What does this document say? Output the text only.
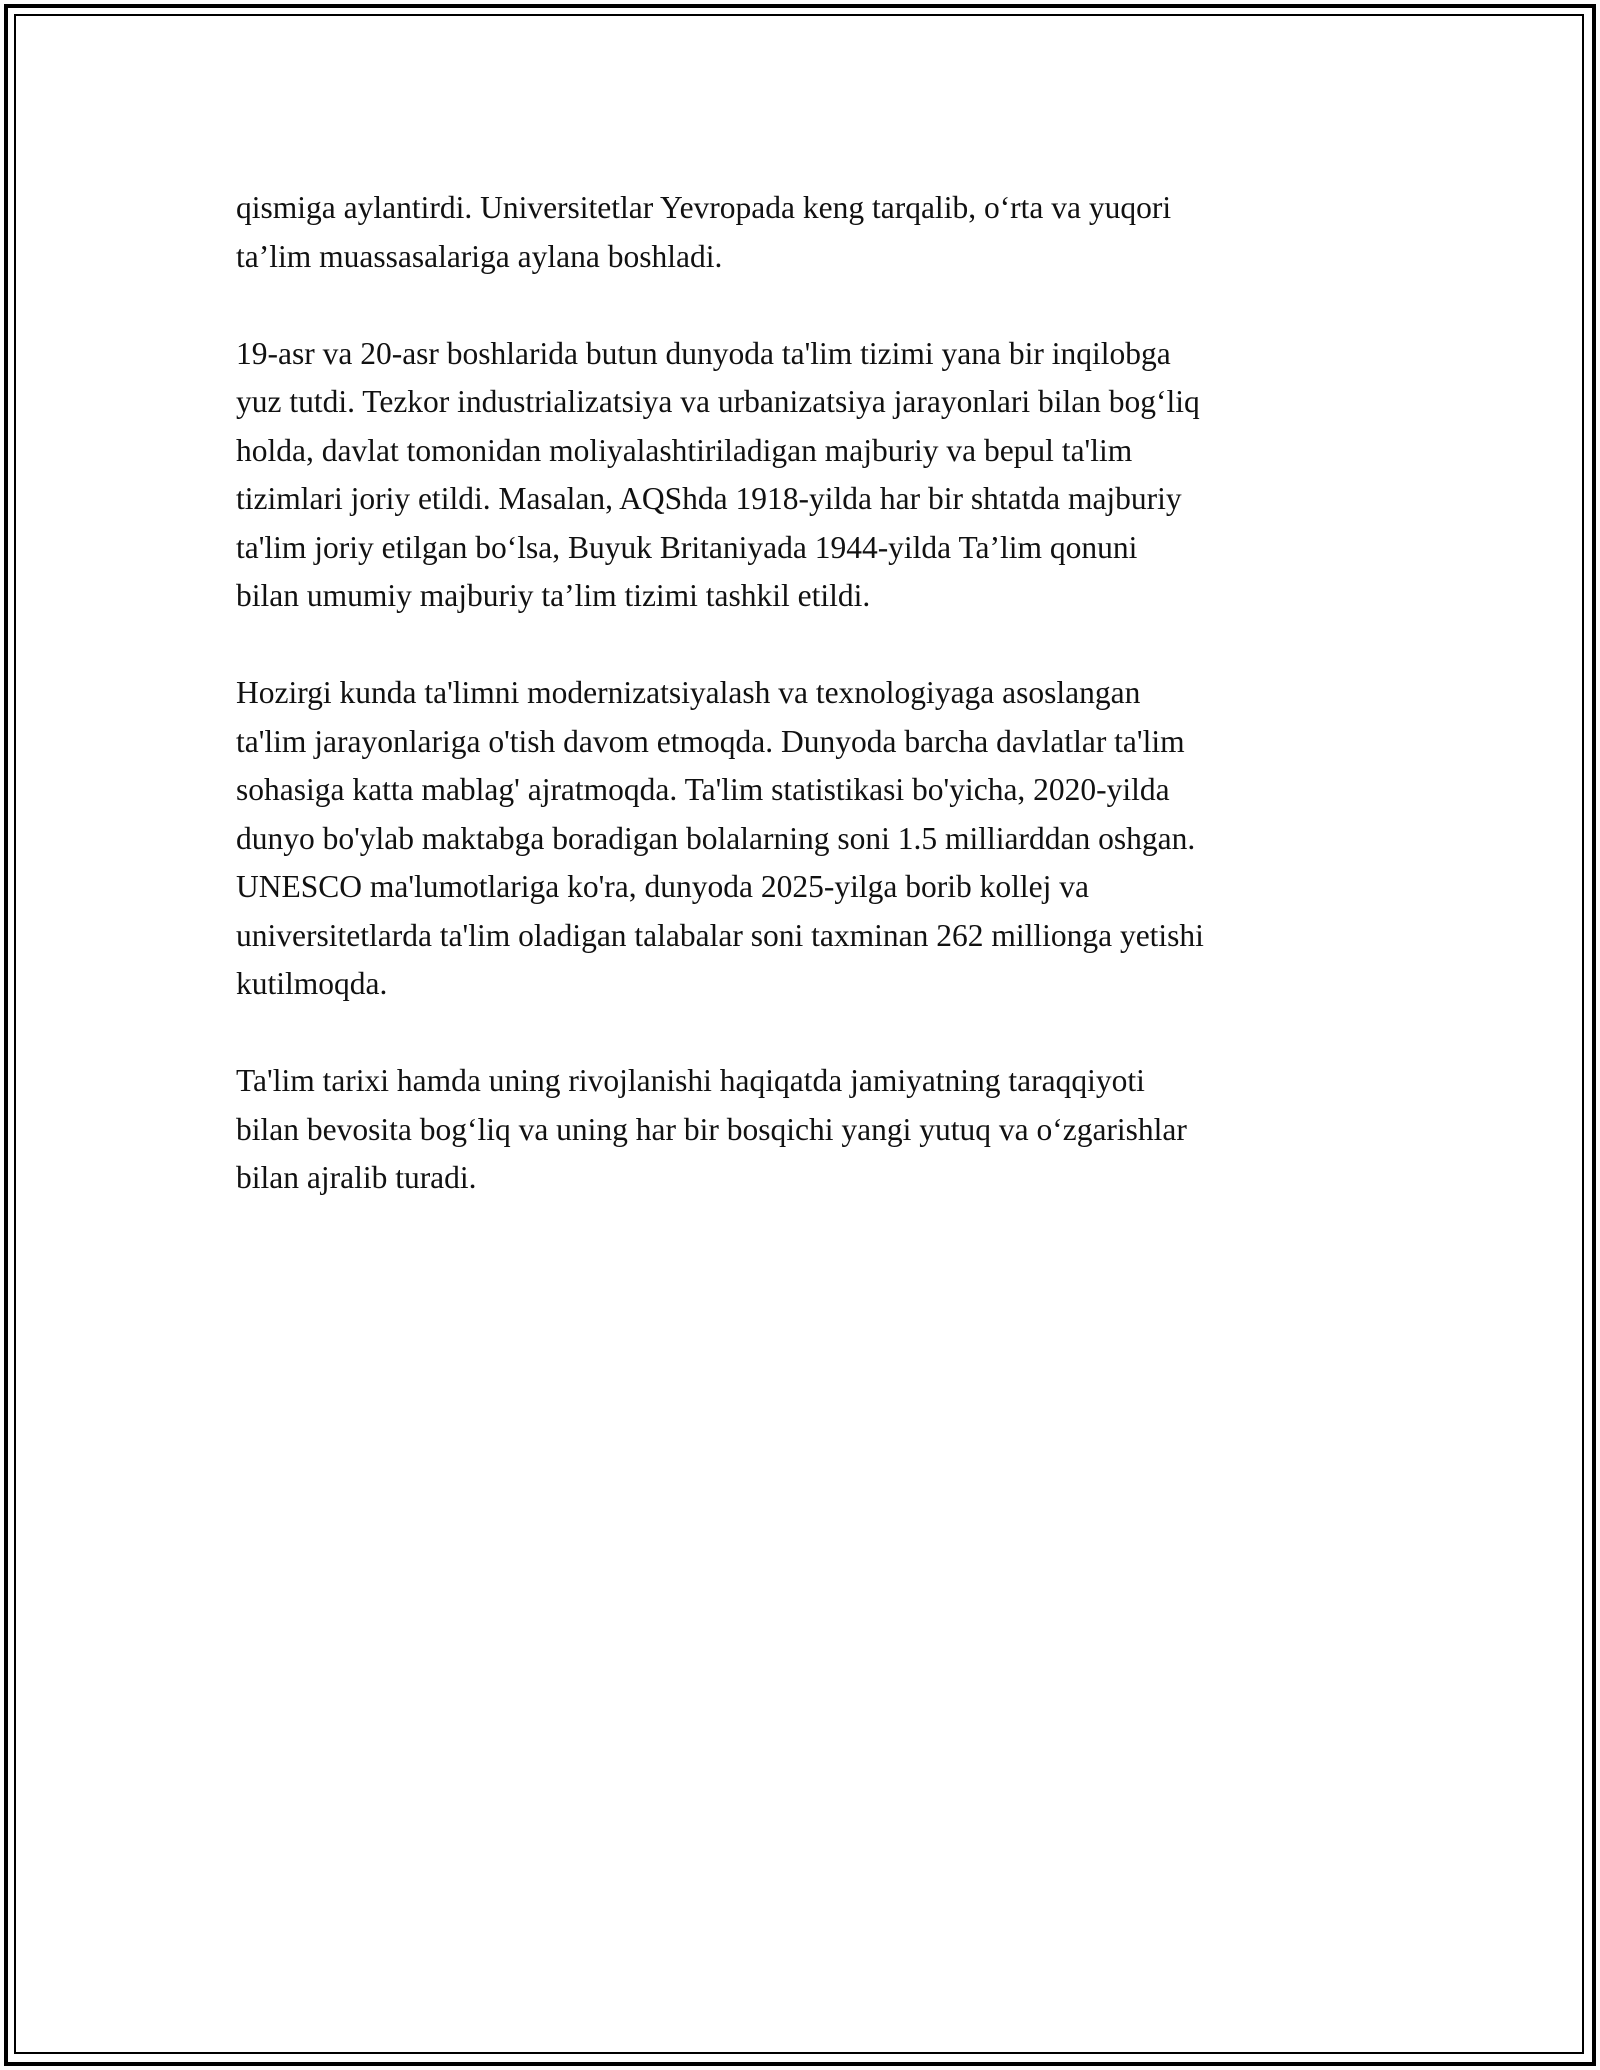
qismiga aylantirdi. Universitetlar Yevropada keng tarqalib, o‘rta va yuqori
ta’lim muassasalariga aylana boshladi.

19-asr va 20-asr boshlarida butun dunyoda ta'lim tizimi yana bir inqilobga
yuz tutdi. Tezkor industrializatsiya va urbanizatsiya jarayonlari bilan bog‘liq
holda, davlat tomonidan moliyalashtiriladigan majburiy va bepul ta'lim
tizimlari joriy etildi. Masalan, AQShda 1918-yilda har bir shtatda majburiy
ta'lim joriy etilgan bo‘lsa, Buyuk Britaniyada 1944-yilda Ta’lim qonuni
bilan umumiy majburiy ta’lim tizimi tashkil etildi.

Hozirgi kunda ta'limni modernizatsiyalash va texnologiyaga asoslangan
ta'lim jarayonlariga o'tish davom etmoqda. Dunyoda barcha davlatlar ta'lim
sohasiga katta mablag' ajratmoqda. Ta'lim statistikasi bo'yicha, 2020-yilda
dunyo bo'ylab maktabga boradigan bolalarning soni 1.5 milliarddan oshgan.
UNESCO ma'lumotlariga ko'ra, dunyoda 2025-yilga borib kollej va
universitetlarda ta'lim oladigan talabalar soni taxminan 262 millionga yetishi
kutilmoqda.

Ta'lim tarixi hamda uning rivojlanishi haqiqatda jamiyatning taraqqiyoti
bilan bevosita bog‘liq va uning har bir bosqichi yangi yutuq va o‘zgarishlar
bilan ajralib turadi.
